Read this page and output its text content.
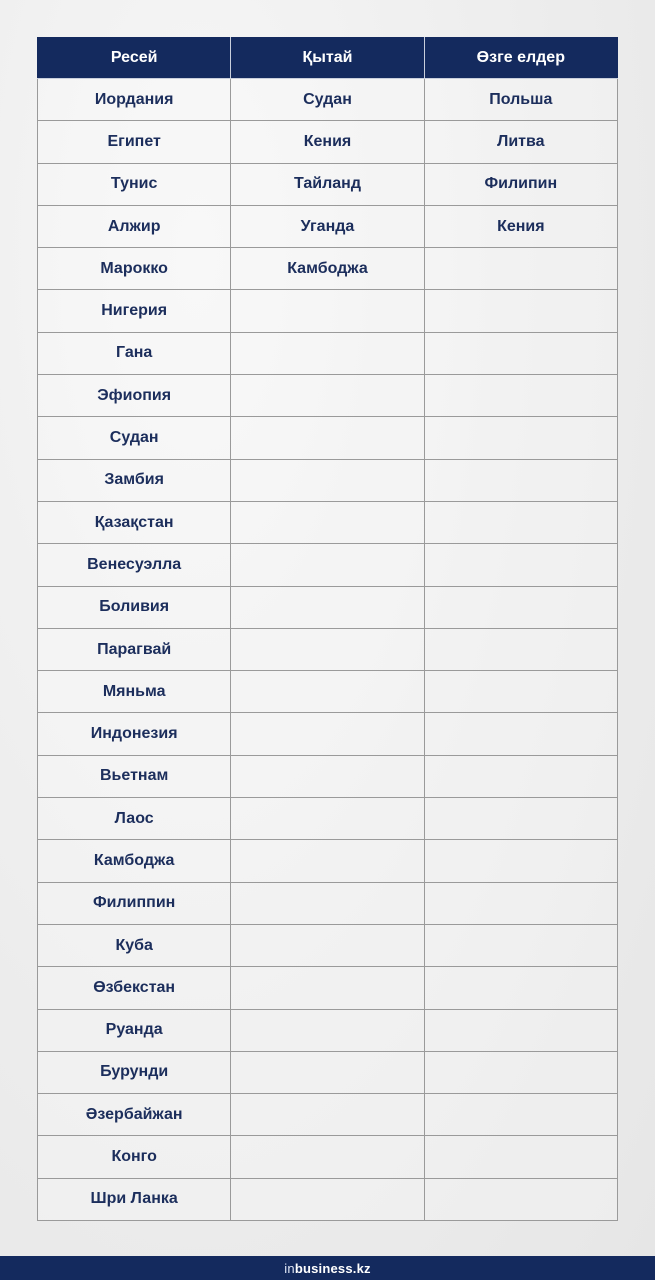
Ресей	Қытай	Өзге елдер
Иордания	Судан	Польша
Египет	Кения	Литва
Тунис	Тайланд	Филипин
Алжир	Уганда	Кения
Марокко	Камбоджа	
Нигерия		
Гана		
Эфиопия		
Судан		
Замбия		
Қазақстан		
Венесуэлла		
Боливия		
Парагвай		
Мяньма		
Индонезия		
Вьетнам		
Лаос		
Камбоджа		
Филиппин		
Куба		
Өзбекстан		
Руанда		
Бурунди		
Әзербайжан		
Конго		
Шри Ланка		
inbusiness.kz
